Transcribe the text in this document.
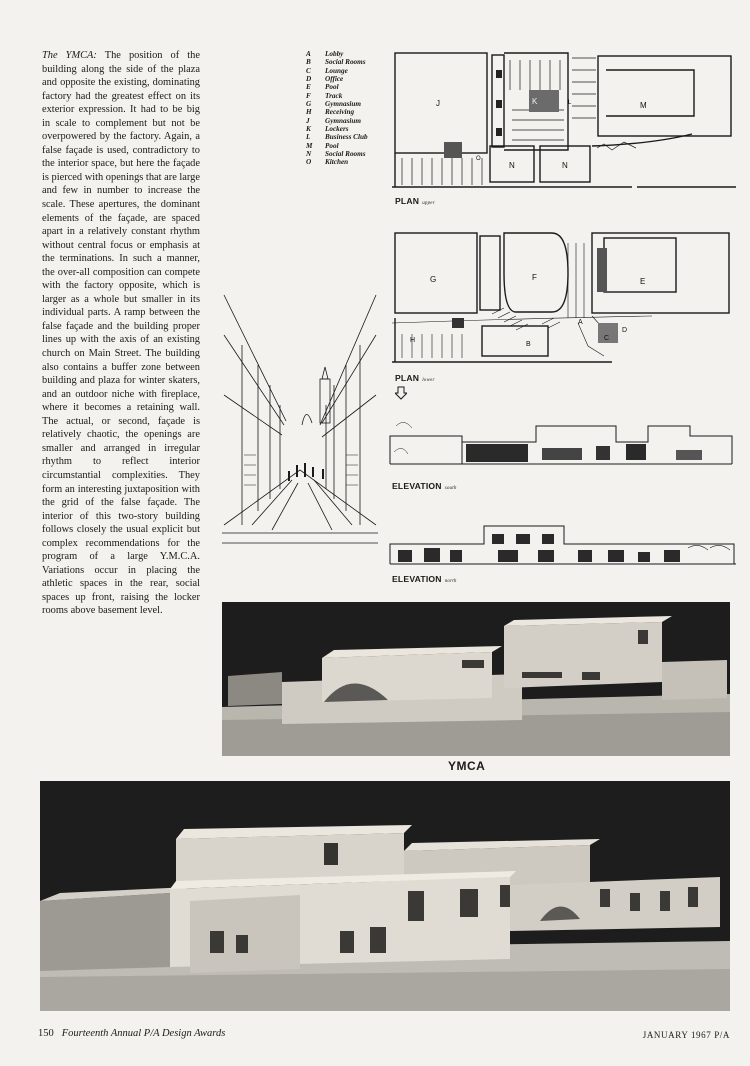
The YMCA: The position of the building along the side of the plaza and opposite the existing, dominating factory had the greatest effect on its exterior expression. It had to be big in scale to complement but not be overpowered by the factory. Again, a false façade is used, contradictory to the interior space, but here the façade is pierced with openings that are large and few in number to increase the scale. These apertures, the dominant elements of the façade, are spaced apart in a relatively constant rhythm without central focus or emphasis at the terminations. In such a manner, the over-all composition can compete with the factory opposite, which is larger as a whole but smaller in its individual parts. A ramp between the false façade and the building proper lines up with the axis of an existing church on Main Street. The building also contains a buffer zone between building and plaza for winter skaters, and an outdoor niche with fireplace, where it becomes a retaining wall. The actual, or second, façade is relatively chaotic, the openings are smaller and arranged in irregular rhythm to reflect interior circumstantial complexities. They form an interesting juxtaposition with the grid of the false façade. The interior of this two-story building follows closely the usual explicit but complex recommendations for the program of a large Y.M.C.A. Variations occur in placing the athletic spaces in the rear, social spaces up front, raising the locker rooms above basement level.
A	Lobby
B	Social Rooms
C	Lounge
D	Office
E	Pool
F	Track
G	Gymnasium
H	Receiving
J	Gymnasium
K	Lockers
L	Business Club
M	Pool
N	Social Rooms
O	Kitchen
J	K	M
L
O
N	N
PLAN upper
G	F	E
H
B
A
C
D
PLAN lower
ELEVATION south
ELEVATION north
YMCA
150 Fourteenth Annual P/A Design Awards	JANUARY 1967 P/A
